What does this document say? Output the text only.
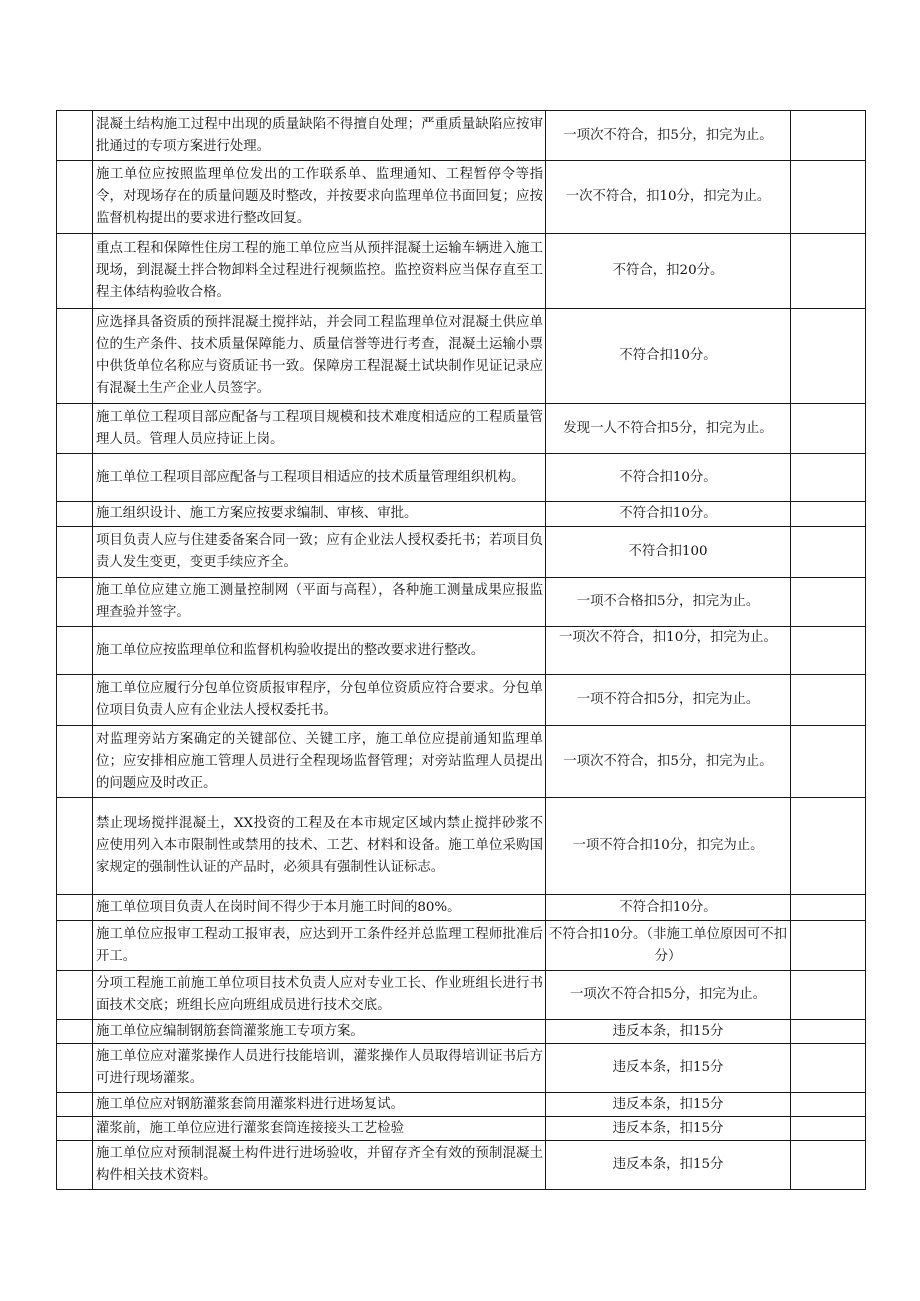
	混凝土结构施工过程中出现的质量缺陷不得擅自处理；严重质量缺陷应按审批通过的专项方案进行处理。	一项次不符合，扣5分，扣完为止。	

	施工单位应按照监理单位发出的工作联系单、监理通知、工程暂停令等指令，对现场存在的质量问题及时整改，并按要求向监理单位书面回复；应按监督机构提出的要求进行整改回复。	一次不符合，扣10分，扣完为止。	

	重点工程和保障性住房工程的施工单位应当从预拌混凝土运输车辆进入施工现场，到混凝土拌合物卸料全过程进行视频监控。监控资料应当保存直至工程主体结构验收合格。	不符合，扣20分。	

	应选择具备资质的预拌混凝土搅拌站，并会同工程监理单位对混凝土供应单位的生产条件、技术质量保障能力、质量信誉等进行考查，混凝土运输小票中供货单位名称应与资质证书一致。保障房工程混凝土试块制作见证记录应有混凝土生产企业人员签字。	不符合扣10分。	

	施工单位工程项目部应配备与工程项目规模和技术难度相适应的工程质量管理人员。管理人员应持证上岗。	发现一人不符合扣5分，扣完为止。	

	施工单位工程项目部应配备与工程项目相适应的技术质量管理组织机构。	不符合扣10分。	

	施工组织设计、施工方案应按要求编制、审核、审批。	不符合扣10分。	

	项目负责人应与住建委备案合同一致；应有企业法人授权委托书；若项目负责人发生变更，变更手续应齐全。	不符合扣100	

	施工单位应建立施工测量控制网（平面与高程），各种施工测量成果应报监理查验并签字。	一项不合格扣5分，扣完为止。	

	施工单位应按监理单位和监督机构验收提出的整改要求进行整改。	一项次不符合，扣10分，扣完为止。	

	施工单位应履行分包单位资质报审程序，分包单位资质应符合要求。分包单位项目负责人应有企业法人授权委托书。	一项不符合扣5分，扣完为止。	

	对监理旁站方案确定的关键部位、关键工序，施工单位应提前通知监理单位；应安排相应施工管理人员进行全程现场监督管理；对旁站监理人员提出的问题应及时改正。	一项次不符合，扣5分，扣完为止。	

	禁止现场搅拌混凝土，XX投资的工程及在本市规定区域内禁止搅拌砂浆不应使用列入本市限制性或禁用的技术、工艺、材料和设备。施工单位采购国家规定的强制性认证的产品时，必须具有强制性认证标志。	一项不符合扣10分，扣完为止。	

	施工单位项目负责人在岗时间不得少于本月施工时间的80%。	不符合扣10分。	

	施工单位应报审工程动工报审表，应达到开工条件经并总监理工程师批准后开工。	不符合扣10分。（非施工单位原因可不扣分）	

	分项工程施工前施工单位项目技术负责人应对专业工长、作业班组长进行书面技术交底；班组长应向班组成员进行技术交底。	一项次不符合扣5分，扣完为止。	

	施工单位应编制钢筋套筒灌浆施工专项方案。	违反本条，扣15分	

	施工单位应对灌浆操作人员进行技能培训，灌浆操作人员取得培训证书后方可进行现场灌浆。	违反本条，扣15分	

	施工单位应对钢筋灌浆套筒用灌浆料进行进场复试。	违反本条，扣15分	

	灌浆前，施工单位应进行灌浆套筒连接接头工艺检验	违反本条，扣15分	

	施工单位应对预制混凝土构件进行进场验收，并留存齐全有效的预制混凝土构件相关技术资料。	违反本条，扣15分	
